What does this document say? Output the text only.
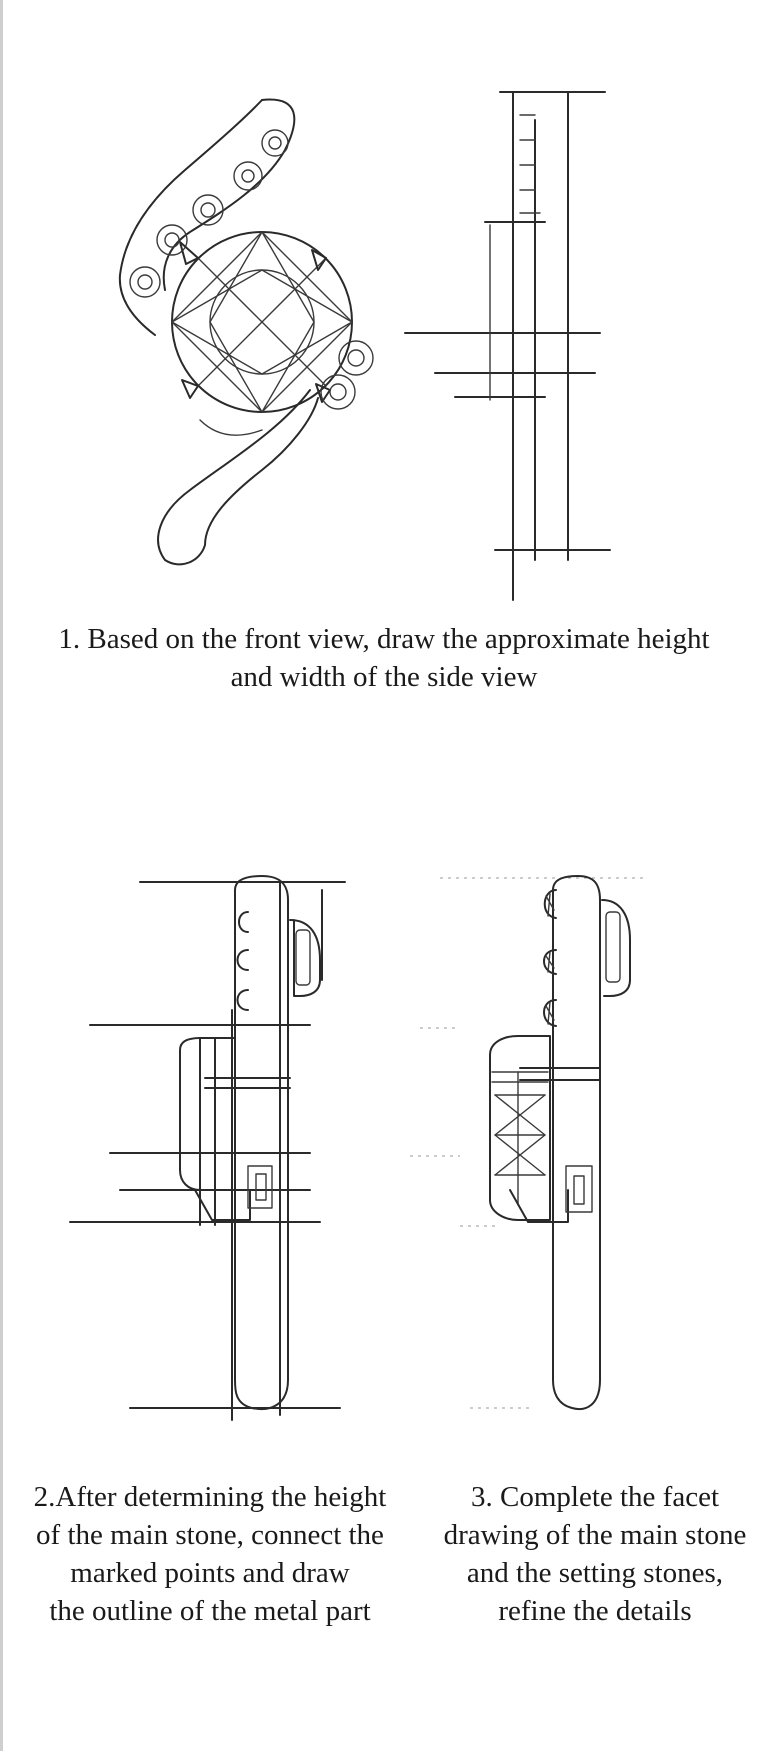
1. Based on the front view, draw the approximate height
and width of the side view
2.After determining the height
of the main stone, connect the
marked points and draw
the outline of the metal part
3. Complete the facet
drawing of the main stone
and the setting stones,
refine the details
